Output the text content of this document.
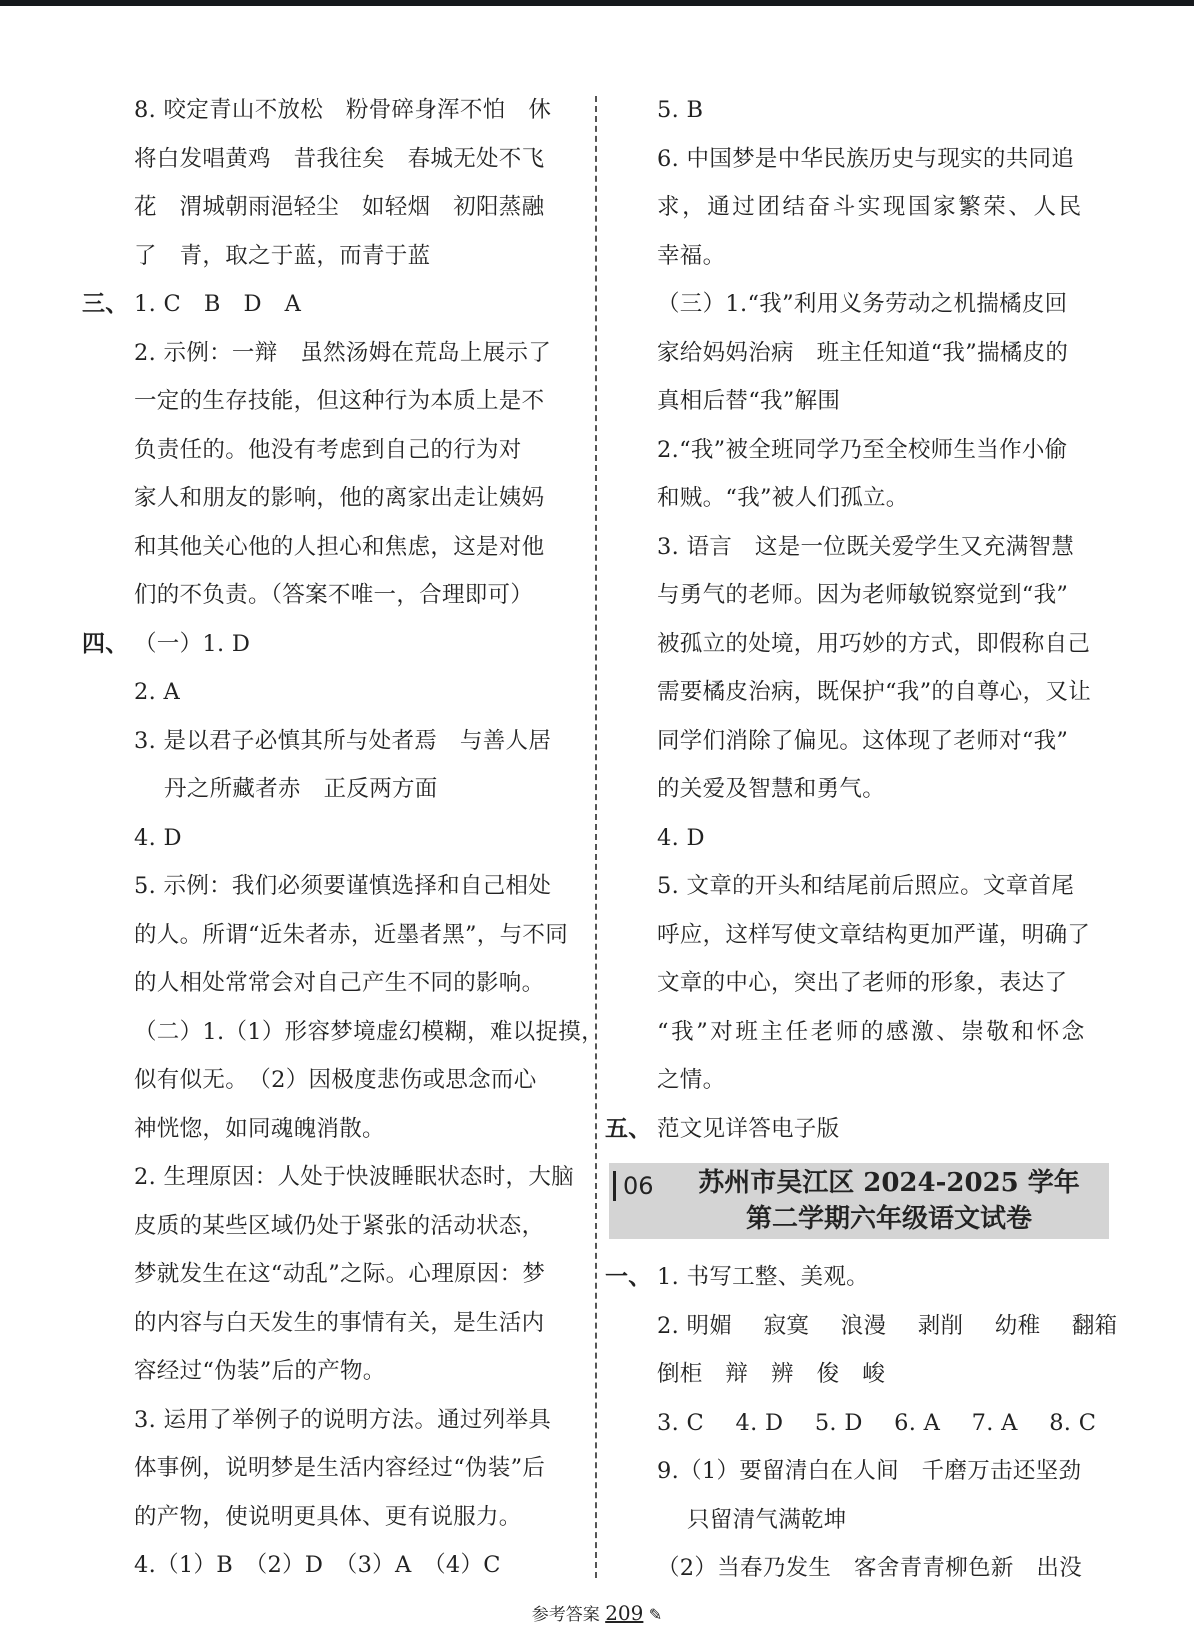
8. 咬定青山不放松　粉骨碎身浑不怕　休
将白发唱黄鸡　昔我往矣　春城无处不飞
花　渭城朝雨浥轻尘　如轻烟　初阳蒸融
了　青，取之于蓝，而青于蓝
三、 1. C　B　D　A
2. 示例：一辩　虽然汤姆在荒岛上展示了
一定的生存技能，但这种行为本质上是不
负责任的。他没有考虑到自己的行为对
家人和朋友的影响，他的离家出走让姨妈
和其他关心他的人担心和焦虑，这是对他
们的不负责。（答案不唯一，合理即可）
四、 （一）1. D
2. A
3. 是以君子必慎其所与处者焉　与善人居
丹之所藏者赤　正反两方面
4. D
5. 示例：我们必须要谨慎选择和自己相处
的人。所谓“近朱者赤，近墨者黑”，与不同
的人相处常常会对自己产生不同的影响。
（二）1.（1）形容梦境虚幻模糊，难以捉摸，
似有似无。　（2）因极度悲伤或思念而心
神恍惚，如同魂魄消散。
2. 生理原因：人处于快波睡眠状态时，大脑
皮质的某些区域仍处于紧张的活动状态，
梦就发生在这“动乱”之际。心理原因：梦
的内容与白天发生的事情有关，是生活内
容经过“伪装”后的产物。
3. 运用了举例子的说明方法。通过列举具
体事例，说明梦是生活内容经过“伪装”后
的产物，使说明更具体、更有说服力。
4.（1）B　（2）D　（3）A　（4）C
5. B
6. 中国梦是中华民族历史与现实的共同追
求，通过团结奋斗实现国家繁荣、人民
幸福。
（三）1.“我”利用义务劳动之机揣橘皮回
家给妈妈治病　班主任知道“我”揣橘皮的
真相后替“我”解围
2.“我”被全班同学乃至全校师生当作小偷
和贼。“我”被人们孤立。
3. 语言　这是一位既关爱学生又充满智慧
与勇气的老师。因为老师敏锐察觉到“我”
被孤立的处境，用巧妙的方式，即假称自己
需要橘皮治病，既保护“我”的自尊心，又让
同学们消除了偏见。这体现了老师对“我”
的关爱及智慧和勇气。
4. D
5. 文章的开头和结尾前后照应。文章首尾
呼应，这样写使文章结构更加严谨，明确了
文章的中心，突出了老师的形象，表达了
“我”对班主任老师的感激、崇敬和怀念
之情。
五、 范文见详答电子版
06	苏州市吴江区 2024-2025 学年
第二学期六年级语文试卷
一、 1. 书写工整、美观。
2. 明媚 寂寞 浪漫 剥削 幼稚 翻箱
倒柜　辩　辨　俊　峻
3. C 4. D 5. D 6. A 7. A 8. C
9.（1）要留清白在人间　千磨万击还坚劲
只留清气满乾坤
（2）当春乃发生　客舍青青柳色新　出没
参考答案 209 ✎
